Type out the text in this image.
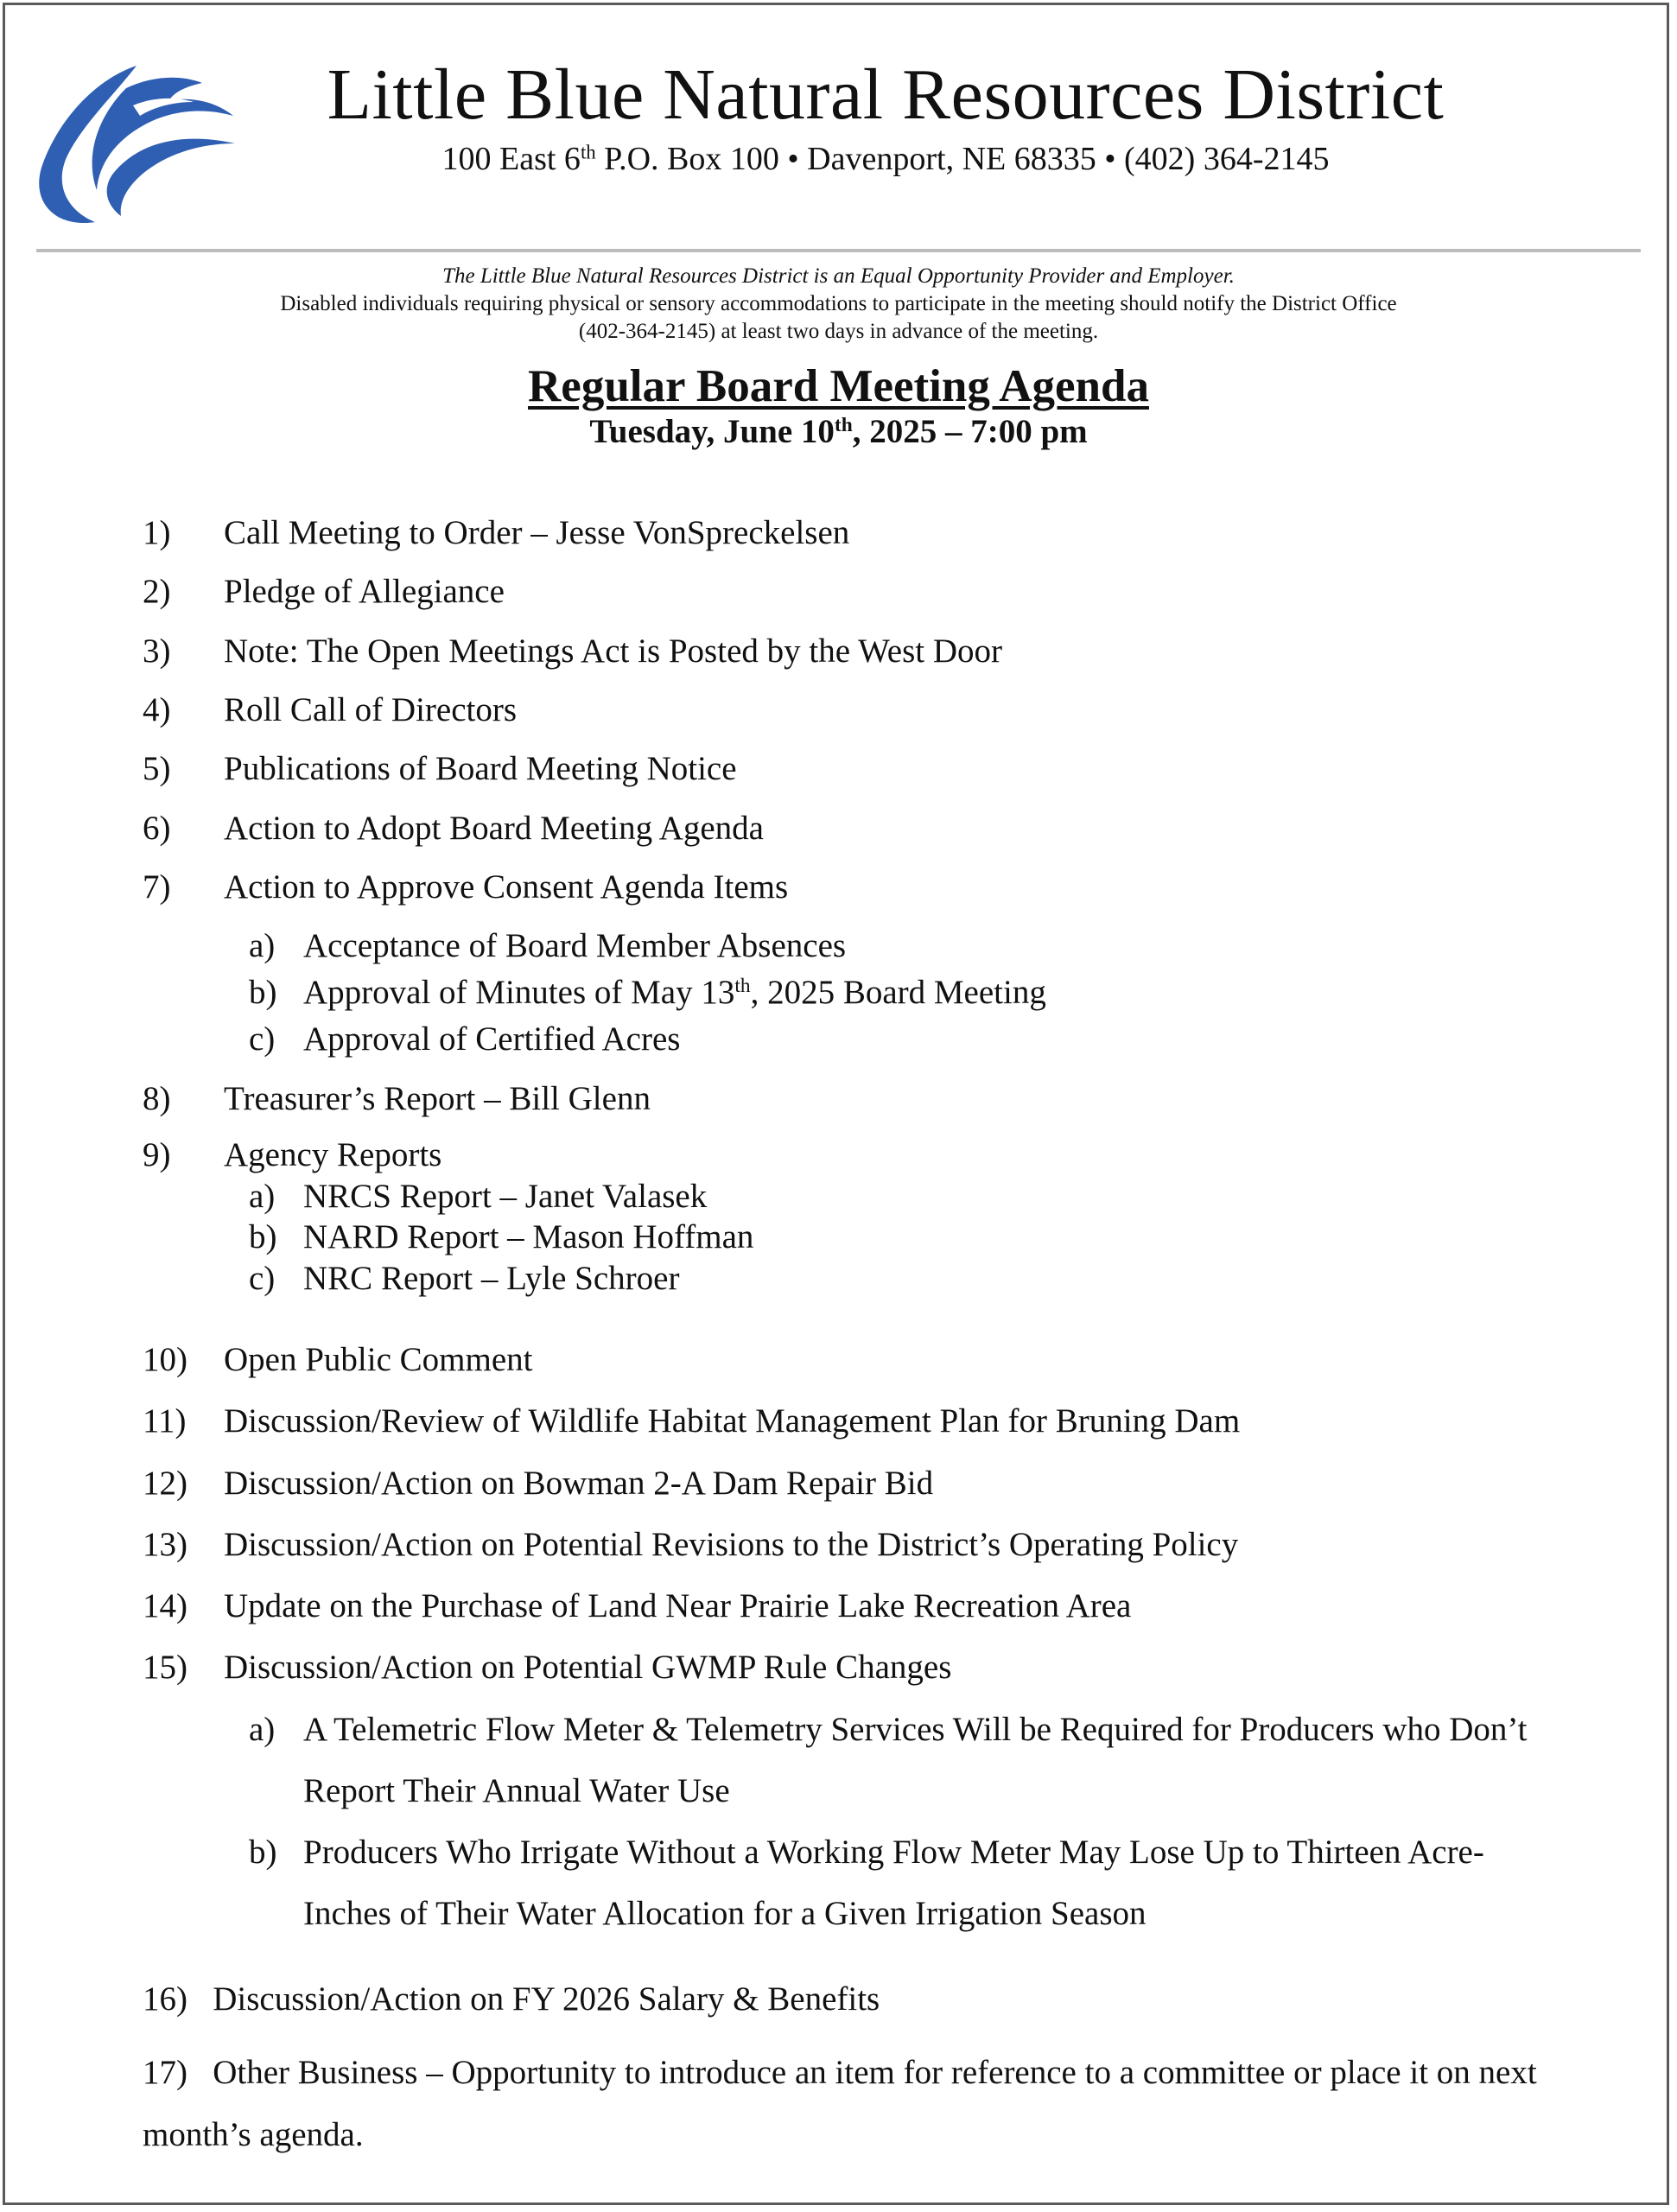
Little Blue Natural Resources District
100 East 6th P.O. Box 100 • Davenport, NE 68335 • (402) 364-2145
The Little Blue Natural Resources District is an Equal Opportunity Provider and Employer.
Disabled individuals requiring physical or sensory accommodations to participate in the meeting should notify the District Office
(402-364-2145) at least two days in advance of the meeting.
Regular Board Meeting Agenda
Tuesday, June 10th, 2025 – 7:00 pm
1) Call Meeting to Order – Jesse VonSpreckelsen
2) Pledge of Allegiance
3) Note: The Open Meetings Act is Posted by the West Door
4) Roll Call of Directors
5) Publications of Board Meeting Notice
6) Action to Adopt Board Meeting Agenda
7) Action to Approve Consent Agenda Items
a) Acceptance of Board Member Absences
b) Approval of Minutes of May 13th, 2025 Board Meeting
c) Approval of Certified Acres
8) Treasurer’s Report – Bill Glenn
9) Agency Reports
a) NRCS Report – Janet Valasek
b) NARD Report – Mason Hoffman
c) NRC Report – Lyle Schroer
10) Open Public Comment
11) Discussion/Review of Wildlife Habitat Management Plan for Bruning Dam
12) Discussion/Action on Bowman 2-A Dam Repair Bid
13) Discussion/Action on Potential Revisions to the District’s Operating Policy
14) Update on the Purchase of Land Near Prairie Lake Recreation Area
15) Discussion/Action on Potential GWMP Rule Changes
a) A Telemetric Flow Meter & Telemetry Services Will be Required for Producers who Don’t
Report Their Annual Water Use
b) Producers Who Irrigate Without a Working Flow Meter May Lose Up to Thirteen Acre-
Inches of Their Water Allocation for a Given Irrigation Season
16)   Discussion/Action on FY 2026 Salary & Benefits
17)   Other Business – Opportunity to introduce an item for reference to a committee or place it on next month’s agenda.
